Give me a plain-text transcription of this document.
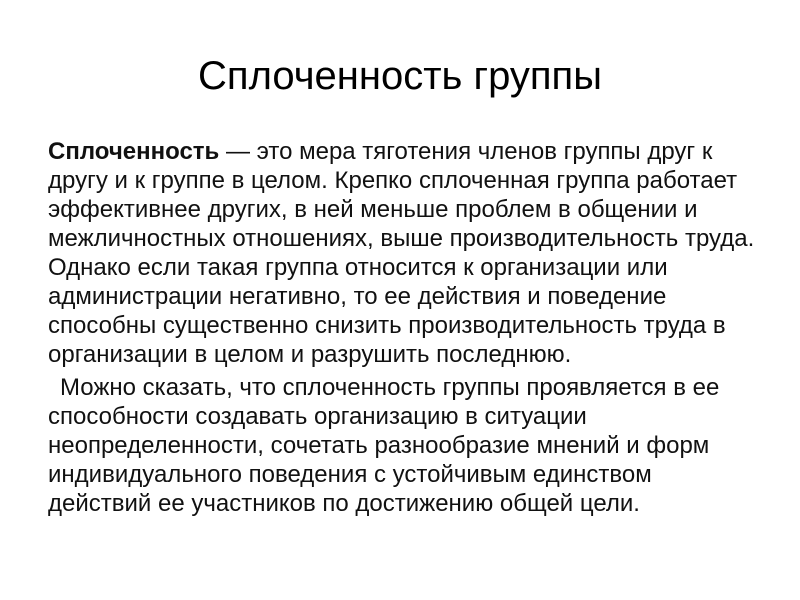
Сплоченность группы

Сплоченность — это мера тяготения членов группы друг к другу и к группе в целом. Крепко сплоченная группа работает эффективнее других, в ней меньше проблем в общении и межличностных отношениях, выше производительность труда. Однако если такая группа относится к организации или администрации негативно, то ее действия и поведение способны существенно снизить производительность труда в организации в целом и разрушить последнюю.

Можно сказать, что сплоченность группы проявляется в ее способности создавать организацию в ситуации неопределенности, сочетать разнообразие мнений и форм индивидуального поведения с устойчивым единством действий ее участников по достижению общей цели.
